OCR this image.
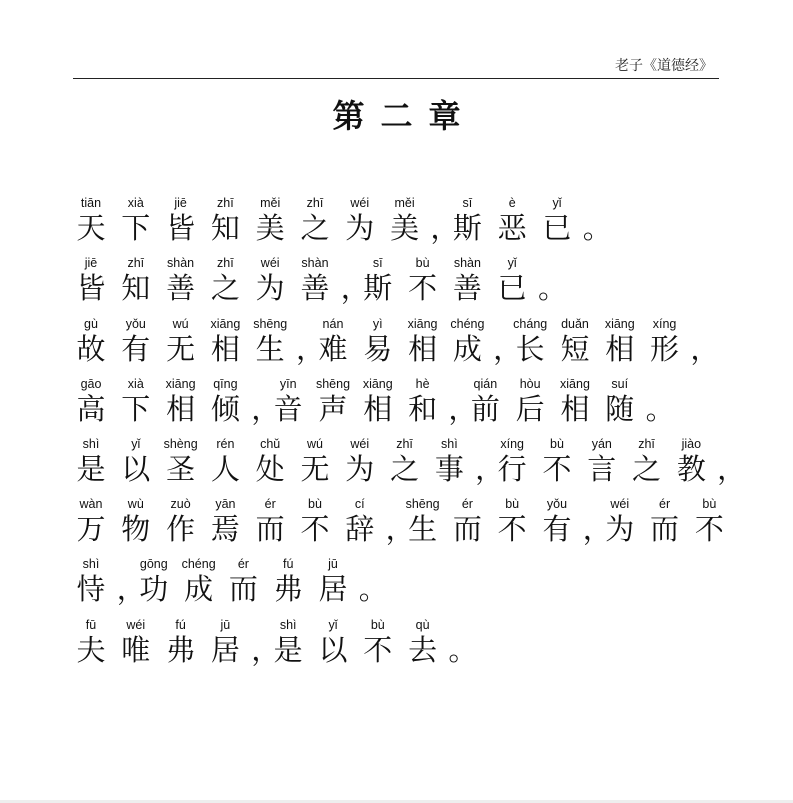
老子《道德经》
第二章
tiān
天
xià
下
jiē
皆
zhī
知
měi
美
zhī
之
wéi
为
měi
美 ，
sī
斯
è
恶
yǐ
已 。
jiē
皆
zhī
知
shàn
善
zhī
之
wéi
为
shàn
善 ，
sī
斯
bù
不
shàn
善
yǐ
已 。
gù
故
yǒu
有
wú
无
xiāng
相
shēng
生 ，
nán
难
yì
易
xiāng
相
chéng
成 ，
cháng
长
duǎn
短
xiāng
相
xíng
形 ，
gāo
高
xià
下
xiāng
相
qīng
倾 ，
yīn
音
shēng
声
xiāng
相
hè
和 ，
qián
前
hòu
后
xiāng
相
suí
随 。
shì
是
yǐ
以
shèng
圣
rén
人
chǔ
处
wú
无
wéi
为
zhī
之
shì
事 ，
xíng
行
bù
不
yán
言
zhī
之
jiào
教 ，
wàn
万
wù
物
zuò
作
yān
焉
ér
而
bù
不
cí
辞 ，
shēng
生
ér
而
bù
不
yǒu
有 ，
wéi
为
ér
而
bù
不
shì
恃 ，
gōng
功
chéng
成
ér
而
fú
弗
jū
居 。
fū
夫
wéi
唯
fú
弗
jū
居 ，
shì
是
yǐ
以
bù
不
qù
去 。
